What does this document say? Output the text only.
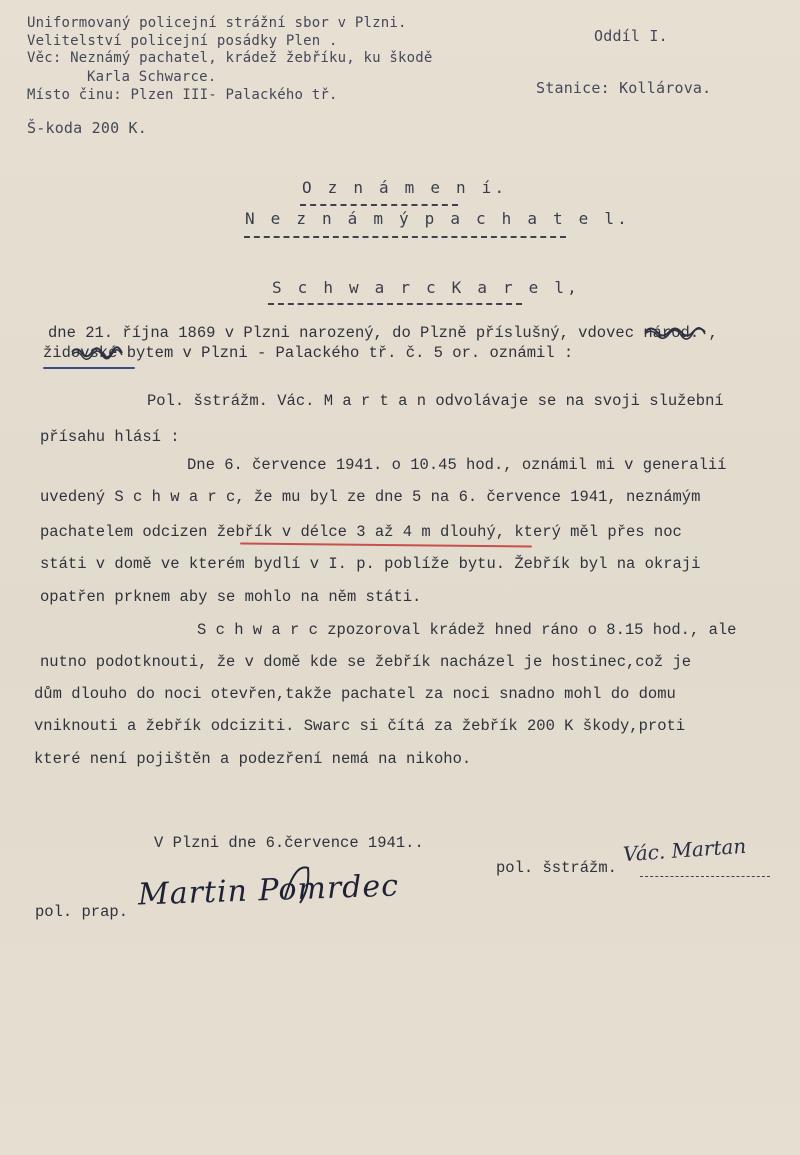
Uniformovaný policejní strážní sbor v Plzni.
Velitelství policejní posádky Plen .
Věc: Neznámý pachatel, krádež žebříku, ku škodě
Karla Schwarce.
Místo činu: Plzen III- Palackého tř.
Š-koda 200 K.
Oddíl I.
Stanice: Kollárova.
O z n á m e n í.
N e z n á m ý p a c h a t e l.
S c h w a r c K a r e l,
dne 21. října 1869 v Plzni narozený, do Plzně příslušný, vdovec národ. ,
židovské bytem v Plzni - Palackého tř. č. 5 or. oznámil :
Pol. šstrážm. Vác. M a r t a n odvolávaje se na svoji služební
přísahu hlásí :
Dne 6. července 1941. o 10.45 hod., oznámil mi v generalií
uvedený S c h w a r c, že mu byl ze dne 5 na 6. července 1941, neznámým
pachatelem odcizen žebřík v délce 3 až 4 m dlouhý, který měl přes noc
státi v domě ve kterém bydlí v I. p. poblíže bytu. Žebřík byl na okraji
opatřen prknem aby se mohlo na něm státi.
S c h w a r c zpozoroval krádež hned ráno o 8.15 hod., ale
nutno podotknouti, že v domě kde se žebřík nacházel je hostinec,což je
dům dlouho do noci otevřen,takže pachatel za noci snadno mohl do domu
vniknouti a žebřík odciziti. Swarc si čítá za žebřík 200 K škody,proti
které není pojištěn a podezření nemá na nikoho.
V Plzni dne 6.července 1941..
pol. šstrážm.
Vác. Martan
pol. prap. Martin Pomrdec
